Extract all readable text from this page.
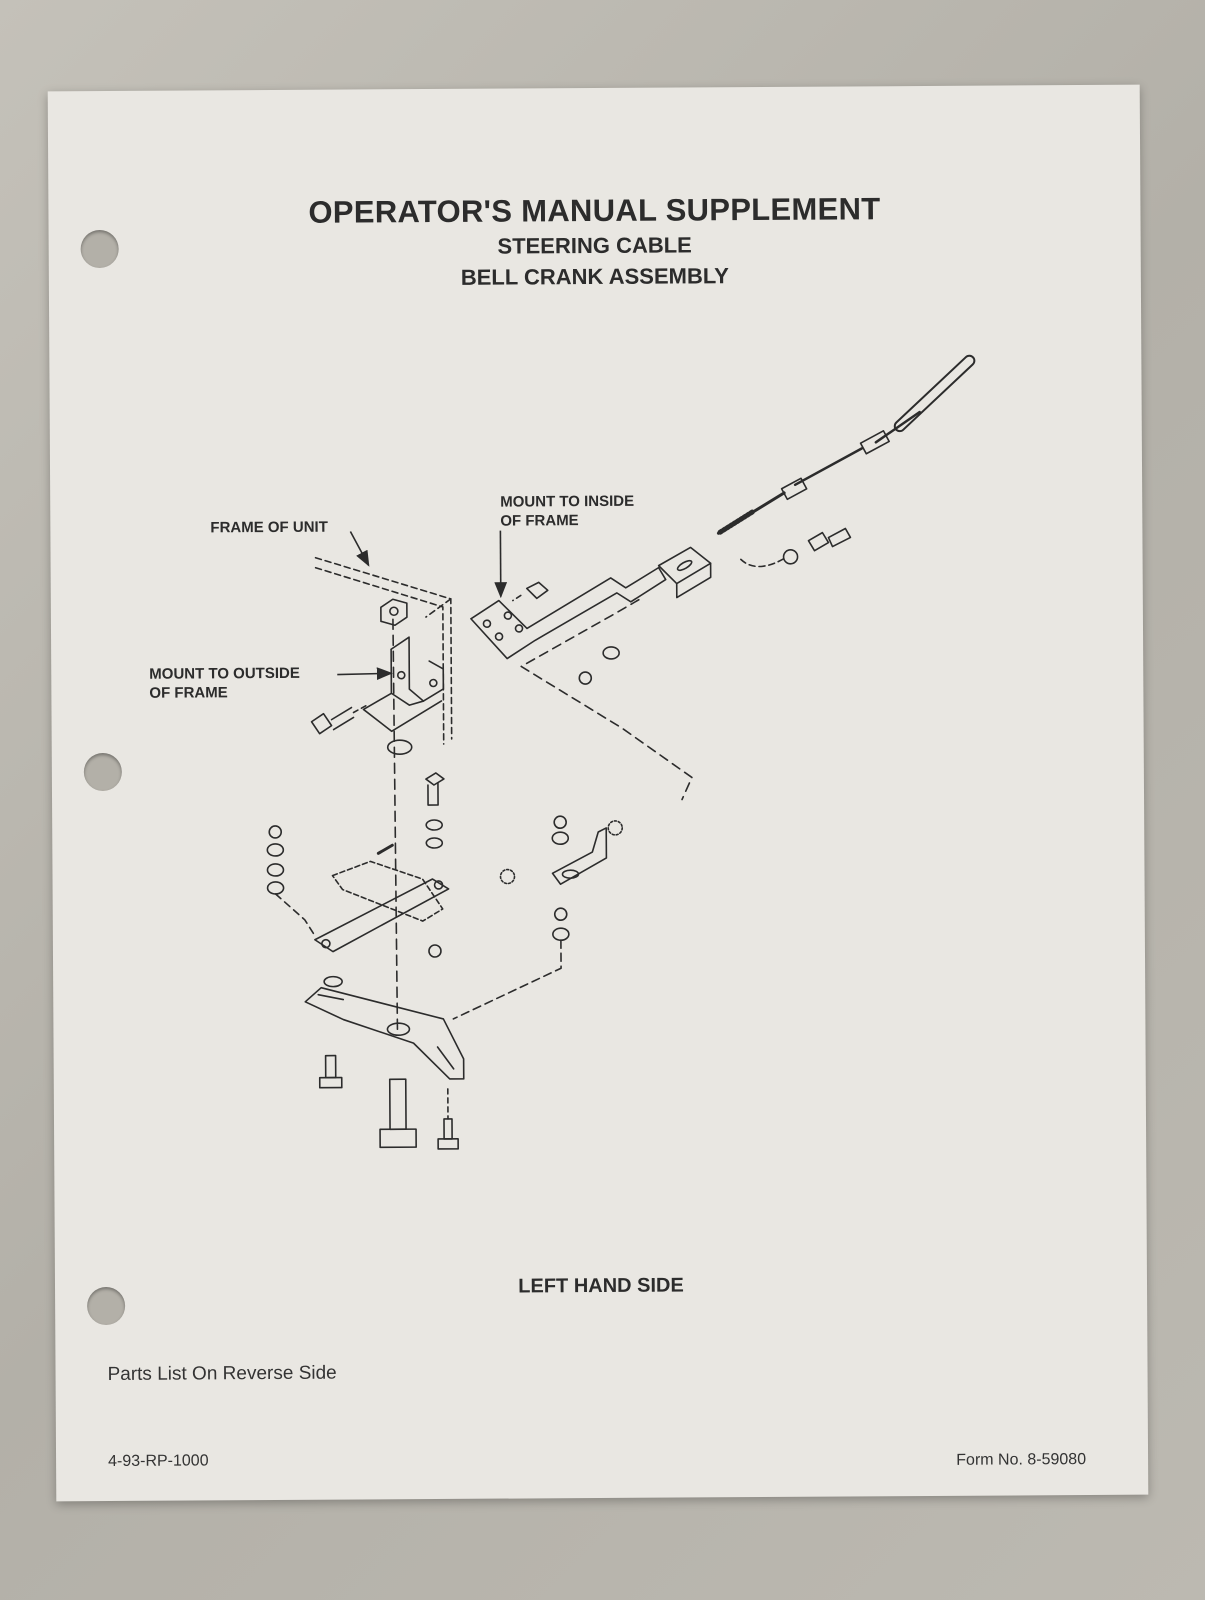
OPERATOR'S MANUAL SUPPLEMENT
STEERING CABLE
BELL CRANK ASSEMBLY
FRAME OF UNIT
MOUNT TO INSIDE
OF FRAME
MOUNT TO OUTSIDE
OF FRAME
LEFT HAND SIDE
Parts List On Reverse Side
4-93-RP-1000	Form No. 8-59080
